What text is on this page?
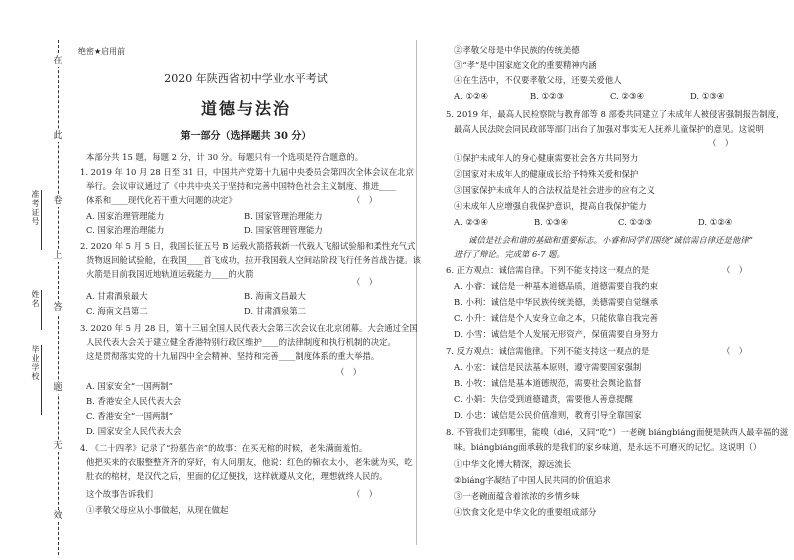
在
此
卷
上
答
题
无
效
准考证号
姓名
毕业学校
绝密★启用前
2020 年陕西省初中学业水平考试
道德与法治
第一部分（选择题共 30 分）
本部分共 15 题，每题 2 分，计 30 分。每题只有一个选项是符合题意的。
1. 2019 年 10 月 28 日至 31 日，中国共产党第十九届中央委员会第四次全体会议在北京
举行。会议审议通过了《中共中央关于坚持和完善中国特色社会主义制度、推进____
体系和____现代化若干重大问题的决定》	（　）
A. 国家治理管理能力	B. 国家管理治理能力
C. 国家治理治理能力	D. 国家管理管理能力
2. 2020 年 5 月 5 日，我国长征五号 B 运载火箭搭载新一代载人飞船试验船和柔性充气式
货物返回舱试验舱，在我国____首飞成功，拉开我国载人空间站阶段飞行任务首战告捷。该
火箭是目前我国近地轨道运载能力____的火箭
（　）
A. 甘肃酒泉最大	B. 海南文昌最大
C. 海南文昌第二	D. 甘肃酒泉第二
3. 2020 年 5 月 28 日，第十三届全国人民代表大会第三次会议在北京闭幕。大会通过全国
人民代表大会关于建立健全香港特别行政区维护____的法律制度和执行机制的决定。
这是贯彻落实党的十九届四中全会精神、坚持和完善____制度体系的重大举措。
（　）
A. 国家安全“一国两制”
B. 香港安全人民代表大会
C. 香港安全“一国两制”
D. 国家安全人民代表大会
4. 《二十四孝》记录了“扮墓告亲”的故事：在买无棺的时候，老朱满面羞怕。
他把买来的衣服整整齐齐的穿好，有人问朋友，他说：红色的棉衣太小，老朱就为买，吃
肚衣的棺材，是汉代之后，里面的亿辽便找，这样就遵从文化，理想就终人民的。
这个故事告诉我们	（　）
①孝敬父母应从小事做起，从现在做起
②孝敬父母是中华民族的传统美德
③“孝”是中国家庭文化的重要精神内涵
④在生活中，不仅要孝敬父母，还要关爱他人
A. ①②④	B. ①②③	C. ②③④	D. ①③④
5. 2019 年，最高人民检察院与教育部等 8 部委共同建立了未成年人被侵害强制报告制度，
最高人民法院会同民政部等部门出台了加强对事实无人抚养儿童保护的意见。这说明
（　）
①保护未成年人的身心健康需要社会各方共同努力
②国家对未成年人的健康成长给予特殊关爱和保护
③国家保护未成年人的合法权益是社会进步的应有之义
④未成年人应增强自我保护意识，提高自我保护能力
A. ②③④	B. ①③④	C. ①②③	D. ①②④
诚信是社会和谐的基础和重要标志。小睿和同学们围绕“诚信需自律还是他律”
进行了辩论。完成第 6-7 题。
6. 正方观点：诚信需自律。下列不能支持这一观点的是	（　）
A. 小睿：诚信是一种基本道德品质，道德需要自我约束
B. 小利：诚信是中华民族传统美德，美德需要自觉继承
C. 小升：诚信是个人安身立命之本，只能依靠自我完善
D. 小雪：诚信是个人发展无形资产，保值需要自身努力
7. 反方观点：诚信需他律。下列不能支持这一观点的是	（　）
A. 小宏：诚信是民法基本原则，遵守需要国家强制
B. 小牧：诚信是基本道德规范，需要社会舆论监督
C. 小娟：失信受到道德谴责，需要他人善意提醒
D. 小忠：诚信是公民价值准则，教育引导全靠国家
8. 不管我们走到哪里，能嗅（dié，又同“吃”）一老碗 biángbiáng面便是陕西人最幸福的滋
味。biángbiáng面承载的是我们的家乡味道，是永远不可磨灭的记忆。这说明（）
①中华文化博大精深，源远流长
②biáng字凝结了中国人民共同的价值追求
③一老碗面蕴含着浓浓的乡情乡味
④饮食文化是中华文化的重要组成部分
